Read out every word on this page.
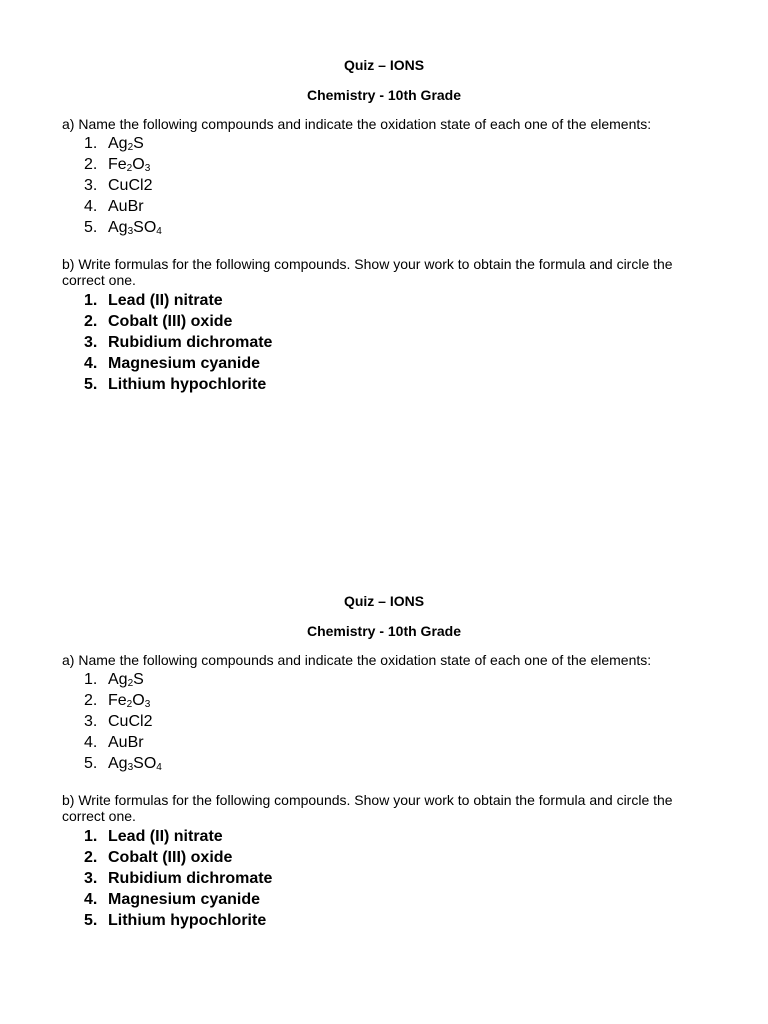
Quiz – IONS
Chemistry - 10th Grade
a) Name the following compounds and indicate the oxidation state of each one of the elements:
1. $Ag_2S$
2. $Fe_2O_3$
3. CuCl2
4. AuBr
5. $Ag_3SO_4$
b) Write formulas for the following compounds. Show your work to obtain the formula and circle the correct one.
1. Lead (II) nitrate
2. Cobalt (III) oxide
3. Rubidium dichromate
4. Magnesium cyanide
5. Lithium hypochlorite
Quiz – IONS
Chemistry - 10th Grade
a) Name the following compounds and indicate the oxidation state of each one of the elements:
1. $Ag_2S$
2. $Fe_2O_3$
3. CuCl2
4. AuBr
5. $Ag_3SO_4$
b) Write formulas for the following compounds. Show your work to obtain the formula and circle the correct one.
1. Lead (II) nitrate
2. Cobalt (III) oxide
3. Rubidium dichromate
4. Magnesium cyanide
5. Lithium hypochlorite
